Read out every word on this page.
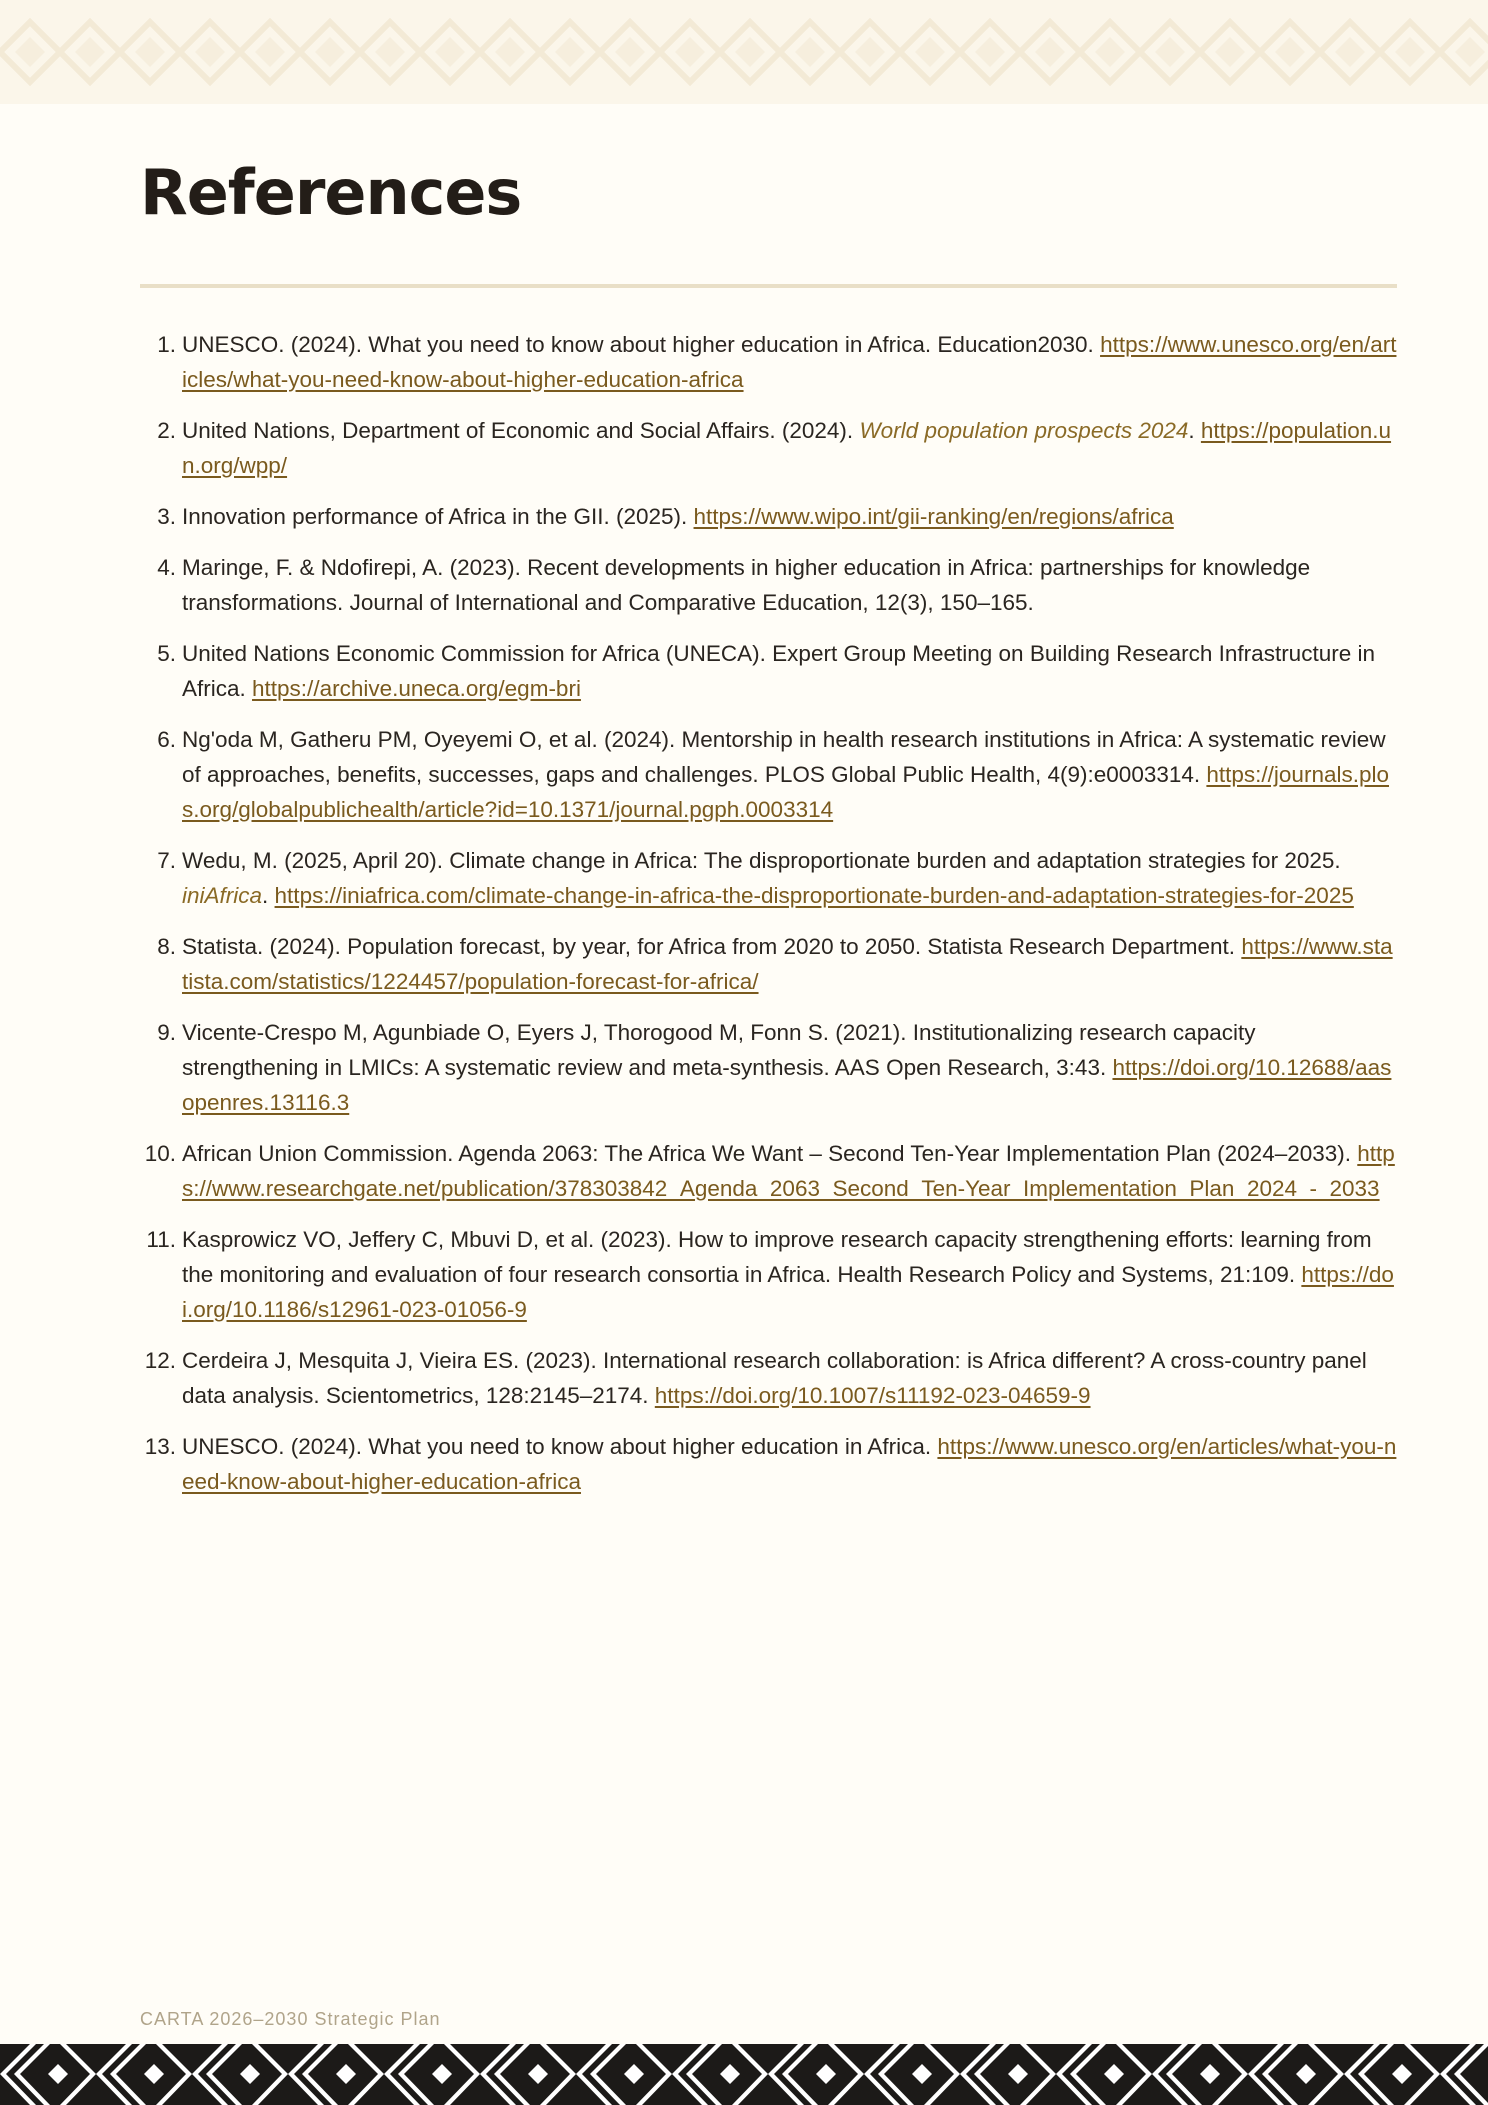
References
1. UNESCO. (2024). What you need to know about higher education in Africa. Education2030. https://www.unesco.org/en/articles/what-you-need-know-about-higher-education-africa
2. United Nations, Department of Economic and Social Affairs. (2024). World population prospects 2024. https://population.un.org/wpp/
3. Innovation performance of Africa in the GII. (2025). https://www.wipo.int/gii-ranking/en/regions/africa
4. Maringe, F. & Ndofirepi, A. (2023). Recent developments in higher education in Africa: partnerships for knowledge transformations. Journal of International and Comparative Education, 12(3), 150–165.
5. United Nations Economic Commission for Africa (UNECA). Expert Group Meeting on Building Research Infrastructure in Africa. https://archive.uneca.org/egm-bri
6. Ng'oda M, Gatheru PM, Oyeyemi O, et al. (2024). Mentorship in health research institutions in Africa: A systematic review of approaches, benefits, successes, gaps and challenges. PLOS Global Public Health, 4(9):e0003314. https://journals.plos.org/globalpublichealth/article?id=10.1371/journal.pgph.0003314
7. Wedu, M. (2025, April 20). Climate change in Africa: The disproportionate burden and adaptation strategies for 2025. iniAfrica. https://iniafrica.com/climate-change-in-africa-the-disproportionate-burden-and-adaptation-strategies-for-2025
8. Statista. (2024). Population forecast, by year, for Africa from 2020 to 2050. Statista Research Department. https://www.statista.com/statistics/1224457/population-forecast-for-africa/
9. Vicente-Crespo M, Agunbiade O, Eyers J, Thorogood M, Fonn S. (2021). Institutionalizing research capacity strengthening in LMICs: A systematic review and meta-synthesis. AAS Open Research, 3:43. https://doi.org/10.12688/aasopenres.13116.3
10. African Union Commission. Agenda 2063: The Africa We Want – Second Ten-Year Implementation Plan (2024–2033). https://www.researchgate.net/publication/378303842_Agenda_2063_Second_Ten-Year_Implementation_Plan_2024_-_2033
11. Kasprowicz VO, Jeffery C, Mbuvi D, et al. (2023). How to improve research capacity strengthening efforts: learning from the monitoring and evaluation of four research consortia in Africa. Health Research Policy and Systems, 21:109. https://doi.org/10.1186/s12961-023-01056-9
12. Cerdeira J, Mesquita J, Vieira ES. (2023). International research collaboration: is Africa different? A cross-country panel data analysis. Scientometrics, 128:2145–2174. https://doi.org/10.1007/s11192-023-04659-9
13. UNESCO. (2024). What you need to know about higher education in Africa. https://www.unesco.org/en/articles/what-you-need-know-about-higher-education-africa
CARTA 2026–2030 Strategic Plan
